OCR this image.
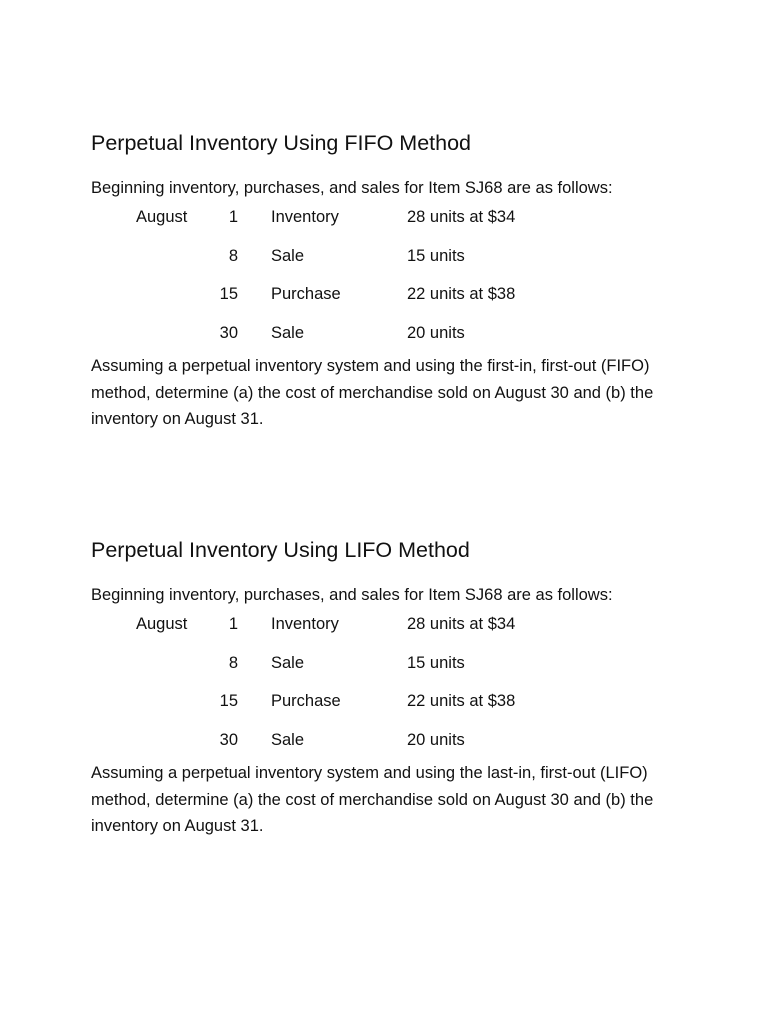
Perpetual Inventory Using FIFO Method

Beginning inventory, purchases, and sales for Item SJ68 are as follows:

August	1 Inventory	28 units at $34
8 Sale	15 units
15 Purchase	22 units at $38
30 Sale	20 units

Assuming a perpetual inventory system and using the first-in, first-out (FIFO) method, determine (a) the cost of merchandise sold on August 30 and (b) the inventory on August 31.

Perpetual Inventory Using LIFO Method

Beginning inventory, purchases, and sales for Item SJ68 are as follows:

August	1 Inventory	28 units at $34
8 Sale	15 units
15 Purchase	22 units at $38
30 Sale	20 units

Assuming a perpetual inventory system and using the last-in, first-out (LIFO) method, determine (a) the cost of merchandise sold on August 30 and (b) the inventory on August 31.
